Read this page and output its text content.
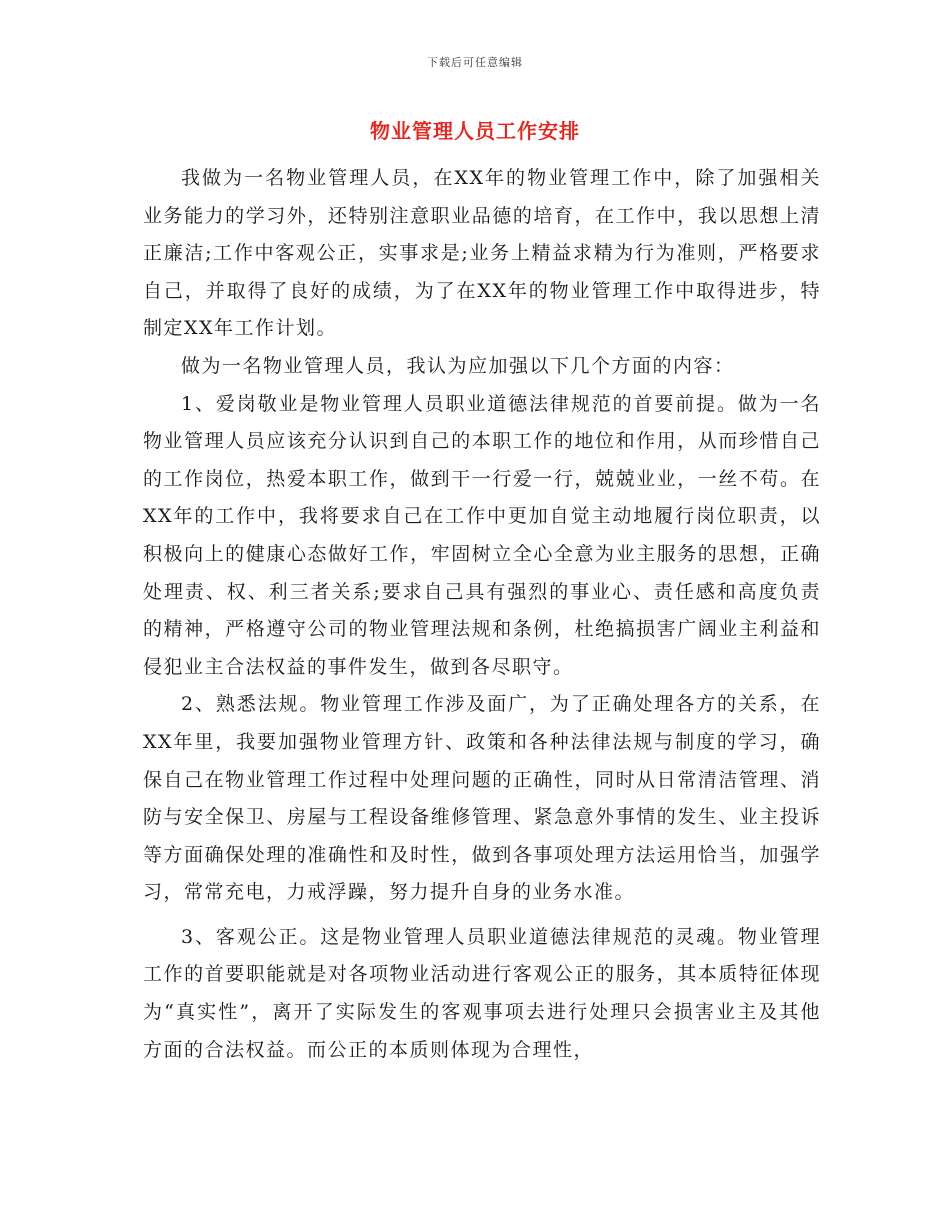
下载后可任意编辑
物业管理人员工作安排

我做为一名物业管理人员，在XX年的物业管理工作中，除了加强相关业务能力的学习外，还特别注意职业品德的培育，在工作中，我以思想上清正廉洁;工作中客观公正，实事求是;业务上精益求精为行为准则，严格要求自己，并取得了良好的成绩，为了在XX年的物业管理工作中取得进步，特制定XX年工作计划。

做为一名物业管理人员，我认为应加强以下几个方面的内容：

1、爱岗敬业是物业管理人员职业道德法律规范的首要前提。做为一名物业管理人员应该充分认识到自己的本职工作的地位和作用，从而珍惜自己的工作岗位，热爱本职工作，做到干一行爱一行，兢兢业业，一丝不苟。在XX年的工作中，我将要求自己在工作中更加自觉主动地履行岗位职责，以积极向上的健康心态做好工作，牢固树立全心全意为业主服务的思想，正确处理责、权、利三者关系;要求自己具有强烈的事业心、责任感和高度负责的精神，严格遵守公司的物业管理法规和条例，杜绝搞损害广阔业主利益和侵犯业主合法权益的事件发生，做到各尽职守。

2、熟悉法规。物业管理工作涉及面广，为了正确处理各方的关系，在XX年里，我要加强物业管理方针、政策和各种法律法规与制度的学习，确保自己在物业管理工作过程中处理问题的正确性，同时从日常清洁管理、消防与安全保卫、房屋与工程设备维修管理、紧急意外事情的发生、业主投诉等方面确保处理的准确性和及时性，做到各事项处理方法运用恰当，加强学习，常常充电，力戒浮躁，努力提升自身的业务水准。

3、客观公正。这是物业管理人员职业道德法律规范的灵魂。物业管理工作的首要职能就是对各项物业活动进行客观公正的服务，其本质特征体现为“真实性”，离开了实际发生的客观事项去进行处理只会损害业主及其他方面的合法权益。而公正的本质则体现为合理性，
